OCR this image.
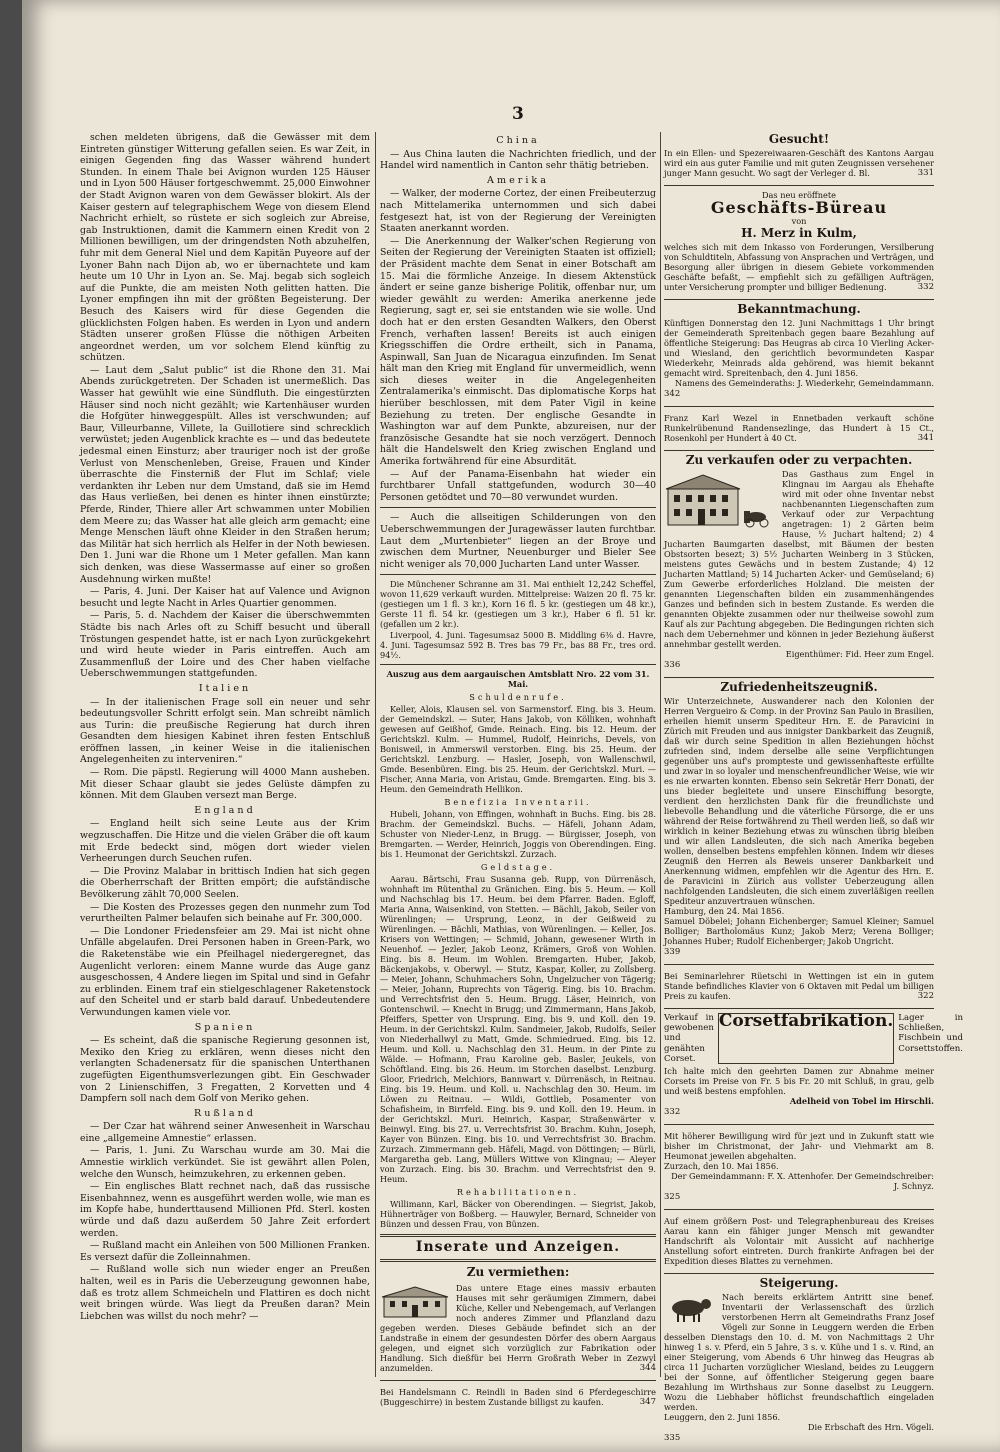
3

schen meldeten übrigens, daß die Gewässer mit dem Eintreten günstiger Witterung gefallen seien. Es war Zeit, in einigen Gegenden fing das Wasser während hundert Stunden. In einem Thale bei Avignon wurden 125 Häuser und in Lyon 500 Häuser fortgeschwemmt. 25,000 Einwohner der Stadt Avignon waren von dem Gewässer blokirt. Als der Kaiser gestern auf telegraphischem Wege von diesem Elend Nachricht erhielt, so rüstete er sich sogleich zur Abreise, gab Instruktionen, damit die Kammern einen Kredit von 2 Millionen bewilligen, um der dringendsten Noth abzuhelfen, fuhr mit dem General Niel und dem Kapitän Puyeore auf der Lyoner Bahn nach Dijon ab, wo er übernachtete und kam heute um 10 Uhr in Lyon an. Se. Maj. begab sich sogleich auf die Punkte, die am meisten Noth gelitten hatten. Die Lyoner empfingen ihn mit der größten Begeisterung. Der Besuch des Kaisers wird für diese Gegenden die glücklichsten Folgen haben. Es werden in Lyon und andern Städten unserer großen Flüsse die nöthigen Arbeiten angeordnet werden, um vor solchem Elend künftig zu schützen.

— Laut dem „Salut public“ ist die Rhone den 31. Mai Abends zurückgetreten. Der Schaden ist unermeßlich. Das Wasser hat gewühlt wie eine Sündfluth. Die eingestürzten Häuser sind noch nicht gezählt; wie Kartenhäuser wurden die Hofgüter hinweggespült. Alles ist verschwunden; auf Baur, Villeurbanne, Villete, la Guillotiere sind schrecklich verwüstet; jeden Augenblick krachte es — und das bedeutete jedesmal einen Einsturz; aber trauriger noch ist der große Verlust von Menschenleben, Greise, Frauen und Kinder überraschte die Finsterniß der Flut im Schlaf; viele verdankten ihr Leben nur dem Umstand, daß sie im Hemd das Haus verließen, bei denen es hinter ihnen einstürzte; Pferde, Rinder, Thiere aller Art schwammen unter Mobilien dem Meere zu; das Wasser hat alle gleich arm gemacht; eine Menge Menschen läuft ohne Kleider in den Straßen herum; das Militär hat sich herrlich als Helfer in der Noth bewiesen. Den 1. Juni war die Rhone um 1 Meter gefallen. Man kann sich denken, was diese Wassermasse auf einer so großen Ausdehnung wirken mußte!

— Paris, 4. Juni. Der Kaiser hat auf Valence und Avignon besucht und legte Nacht in Arles Quartier genommen.

— Paris, 5. d. Nachdem der Kaiser die überschwemmten Städte bis nach Arles oft zu Schiff besucht und überall Tröstungen gespendet hatte, ist er nach Lyon zurückgekehrt und wird heute wieder in Paris eintreffen. Auch am Zusammenfluß der Loire und des Cher haben vielfache Ueberschwemmungen stattgefunden.

Italien

— In der italienischen Frage soll ein neuer und sehr bedeutungsvoller Schritt erfolgt sein. Man schreibt nämlich aus Turin: die preußische Regierung hat durch ihren Gesandten dem hiesigen Kabinet ihren festen Entschluß eröffnen lassen, „in keiner Weise in die italienischen Angelegenheiten zu interveniren.“

— Rom. Die päpstl. Regierung will 4000 Mann ausheben. Mit dieser Schaar glaubt sie jedes Gelüste dämpfen zu können. Mit dem Glauben versezt man Berge.

England

— England heilt sich seine Leute aus der Krim wegzuschaffen. Die Hitze und die vielen Gräber die oft kaum mit Erde bedeckt sind, mögen dort wieder vielen Verheerungen durch Seuchen rufen.

— Die Provinz Malabar in brittisch Indien hat sich gegen die Oberherrschaft der Britten empört; die aufständische Bevölkerung zählt 70,000 Seelen.

— Die Kosten des Prozesses gegen den nunmehr zum Tod verurtheilten Palmer belaufen sich beinahe auf Fr. 300,000.

— Die Londoner Friedensfeier am 29. Mai ist nicht ohne Unfälle abgelaufen. Drei Personen haben in Green-Park, wo die Raketenstäbe wie ein Pfeilhagel niedergeregnet, das Augenlicht verloren: einem Manne wurde das Auge ganz ausgeschossen, 4 Andere liegen im Spital und sind in Gefahr zu erblinden. Einem traf ein stielgeschlagener Raketenstock auf den Scheitel und er starb bald darauf. Unbedeutendere Verwundungen kamen viele vor.

Spanien

— Es scheint, daß die spanische Regierung gesonnen ist, Mexiko den Krieg zu erklären, wenn dieses nicht den verlangten Schadenersatz für die spanischen Unterthanen zugefügten Eigenthumsverlezungen gibt. Ein Geschwader von 2 Linienschiffen, 3 Fregatten, 2 Korvetten und 4 Dampfern soll nach dem Golf von Meriko gehen.

Rußland

— Der Czar hat während seiner Anwesenheit in Warschau eine „allgemeine Amnestie“ erlassen.

— Paris, 1. Juni. Zu Warschau wurde am 30. Mai die Amnestie wirklich verkündet. Sie ist gewährt allen Polen, welche den Wunsch, heimzukehren, zu erkennen geben.

— Ein englisches Blatt rechnet nach, daß das russische Eisenbahnnez, wenn es ausgeführt werden wolle, wie man es im Kopfe habe, hunderttausend Millionen Pfd. Sterl. kosten würde und daß dazu außerdem 50 Jahre Zeit erfordert werden.

— Rußland macht ein Anleihen von 500 Millionen Franken. Es versezt dafür die Zolleinnahmen.

— Rußland wolle sich nun wieder enger an Preußen halten, weil es in Paris die Ueberzeugung gewonnen habe, daß es trotz allem Schmeicheln und Flattiren es doch nicht weit bringen würde. Was liegt da Preußen daran? Mein Liebchen was willst du noch mehr? —

China

— Aus China lauten die Nachrichten friedlich, und der Handel wird namentlich in Canton sehr thätig betrieben.

Amerika

— Walker, der moderne Cortez, der einen Freibeuterzug nach Mittelamerika unternommen und sich dabei festgesezt hat, ist von der Regierung der Vereinigten Staaten anerkannt worden.

— Die Anerkennung der Walker'schen Regierung von Seiten der Regierung der Vereinigten Staaten ist offiziell; der Präsident machte dem Senat in einer Botschaft am 15. Mai die förmliche Anzeige. In diesem Aktenstück ändert er seine ganze bisherige Politik, offenbar nur, um wieder gewählt zu werden: Amerika anerkenne jede Regierung, sagt er, sei sie entstanden wie sie wolle. Und doch hat er den ersten Gesandten Walkers, den Oberst French, verhaften lassen! Bereits ist auch einigen Kriegsschiffen die Ordre ertheilt, sich in Panama, Aspinwall, San Juan de Nicaragua einzufinden. Im Senat hält man den Krieg mit England für unvermeidlich, wenn sich dieses weiter in die Angelegenheiten Zentralamerika's einmischt. Das diplomatische Korps hat hierüber beschlossen, mit dem Pater Vigil in keine Beziehung zu treten. Der englische Gesandte in Washington war auf dem Punkte, abzureisen, nur der französische Gesandte hat sie noch verzögert. Dennoch hält die Handelswelt den Krieg zwischen England und Amerika fortwährend für eine Absurdität.

— Auf der Panama-Eisenbahn hat wieder ein furchtbarer Unfall stattgefunden, wodurch 30—40 Personen getödtet und 70—80 verwundet wurden.

— Auch die allseitigen Schilderungen von den Ueberschwemmungen der Juragewässer lauten furchtbar. Laut dem „Murtenbieter“ liegen an der Broye und zwischen dem Murtner, Neuenburger und Bieler See nicht weniger als 70,000 Jucharten Land unter Wasser.

Die Münchener Schranne am 31. Mai enthielt 12,242 Scheffel, wovon 11,629 verkauft wurden. Mittelpreise: Waizen 20 fl. 75 kr. (gestiegen um 1 fl. 3 kr.), Korn 16 fl. 5 kr. (gestiegen um 48 kr.), Gerste 11 fl. 54 kr. (gestiegen um 3 kr.), Haber 6 fl. 51 kr. (gefallen um 2 kr.).

Liverpool, 4. Juni. Tagesumsaz 5000 B. Middling 6⅜ d. Havre, 4. Juni. Tagesumsaz 592 B. Tres bas 79 Fr., bas 88 Fr., tres ord. 94½.

Auszug aus dem aargauischen Amtsblatt Nro. 22 vom 31. Mai.
Schuldenrufe.

Keller, Alois, Klausen sel. von Sarmenstorf. Eing. bis 3. Heum. der Gemeindskzl. — Suter, Hans Jakob, von Kölliken, wohnhaft gewesen auf Geißhof, Gmde. Reinach. Eing. bis 12. Heum. der Gerichtskzl. Kulm. — Hummel, Rudolf, Heinrichs, Devels, von Bonisweil, in Ammerswil verstorben. Eing. bis 25. Heum. der Gerichtskzl. Lenzburg. — Hasler, Joseph, von Wallenschwil, Gmde. Besenbüren. Eing. bis 25. Heum. der Gerichtskzl. Muri. — Fischer, Anna Maria, von Aristau, Gmde. Bremgarten. Eing. bis 3. Heum. den Gemeindrath Hellikon.

Benefizia Inventarii.

Hubeli, Johann, von Effingen, wohnhaft in Buchs. Eing. bis 28. Brachm. der Gemeindskzl. Buchs. — Häfeli, Johann Adam, Schuster von Nieder-Lenz, in Brugg. — Bürgisser, Joseph, von Bremgarten. — Werder, Heinrich, Joggis von Oberendingen. Eing. bis 1. Heumonat der Gerichtskzl. Zurzach.

Geldstage.

Aarau. Bärtschi, Frau Susanna geb. Rupp, von Dürrenäsch, wohnhaft im Rütenthal zu Gränichen. Eing. bis 5. Heum. — Koll und Nachschlag bis 17. Heum. bei dem Pfarrer. Baden. Egloff, Maria Anna, Waisenkind, von Stetten. — Bächli, Jakob, Seiler von Würenlingen; — Ursprung, Leonz, in der Geißweid zu Würenlingen. — Bächli, Mathias, von Würenlingen. — Keller, Jos. Krisers von Wettingen; — Schmid, Johann, gewesener Wirth in Neuenhof. — Jezler, Jakob Leonz, Krämers, Groß von Wohlen. Eing. bis 8. Heum. im Wohlen. Bremgarten. Huber, Jakob, Bäckenjakobs, v. Oberwyl. — Stutz, Kaspar, Koller, zu Zollsberg. — Meier, Johann, Schuhmachers Sohn, Ungelzucher von Tägerig; — Meier, Johann, Ruprechts von Tägerig. Eing. bis 10. Brachm. und Verrechtsfrist den 5. Heum. Brugg. Läser, Heinrich, von Gontenschwil. — Knecht in Brugg; und Zimmermann, Hans Jakob, Pfeiffers, Spetter von Ursprung. Eing. bis 9. und Koll. den 19. Heum. in der Gerichtskzl. Kulm. Sandmeier, Jakob, Rudolfs, Seiler von Niederhallwyl zu Matt, Gmde. Schmiedrued. Eing. bis 12. Heum. und Koll. u. Nachschlag den 31. Heum. in der Pinte zu Wälde. — Hofmann, Frau Karoline geb. Basler, Jeukels, von Schöftland. Eing. bis 26. Heum. im Storchen daselbst. Lenzburg. Gloor, Friedrich, Melchiors, Bannwart v. Dürrenäsch, in Reitnau. Eing. bis 19. Heum. und Koll. u. Nachschlag den 30. Heum. im Löwen zu Reitnau. — Wildi, Gottlieb, Posamenter von Schafisheim, in Birrfeld. Eing. bis 9. und Koll. den 19. Heum. in der Gerichtskzl. Muri. Heinrich, Kaspar, Straßenwärter v. Beinwyl. Eing. bis 27. u. Verrechtsfrist 30. Brachm. Kuhn, Joseph, Kayer von Bünzen. Eing. bis 10. und Verrechtsfrist 30. Brachm. Zurzach. Zimmermann geb. Häfeli, Magd. von Döttingen; — Bürli, Margaretha geb. Lang, Müllers Wittwe von Klingnau; — Aleyer von Zurzach. Eing. bis 30. Brachm. und Verrechtsfrist den 9. Heum.

Rehabilitationen.

Willimann, Karl, Bäcker von Oberendingen. — Siegrist, Jakob, Hühnerträger von Boßberg. — Hauwyler, Bernard, Schneider von Bünzen und dessen Frau, von Bünzen.

Inserate und Anzeigen.
Zu vermiethen:
Das untere Etage eines massiv erbauten Hauses mit sehr geräumigen Zimmern, dabei Küche, Keller und Nebengemach, auf Verlangen noch anderes Zimmer und Pflanzland dazu gegeben werden. Dieses Gebäude befindet sich an der Landstraße in einem der gesundesten Dörfer des obern Aargaus gelegen, und eignet sich vorzüglich zur Fabrikation oder Handlung. Sich dießfür bei Herrn Großrath Weber in Zezwyl anzumelden.	344
Bei Handelsmann C. Reindli in Baden sind 6 Pferdegeschirre (Buggeschirre) in bestem Zustande billigst zu kaufen.	347
Gesucht!
In ein Ellen- und Spezereiwaaren-Geschäft des Kantons Aargau wird ein aus guter Familie und mit guten Zeugnissen versehener junger Mann gesucht. Wo sagt der Verleger d. Bl.	331
Das neu eröffnete
Geschäfts-Büreau
von
H. Merz in Kulm,
welches sich mit dem Inkasso von Forderungen, Versilberung von Schuldtiteln, Abfassung von Ansprachen und Verträgen, und Besorgung aller übrigen in diesem Gebiete vorkommenden Geschäfte befaßt, — empfiehlt sich zu gefälligen Aufträgen, unter Versicherung prompter und billiger Bedienung.	332
Bekanntmachung.
Künftigen Donnerstag den 12. Juni Nachmittags 1 Uhr bringt der Gemeinderath Spreitenbach gegen baare Bezahlung auf öffentliche Steigerung: Das Heugras ab circa 10 Vierling Acker- und Wiesland, den gerichtlich bevormundeten Kaspar Wiederkehr, Meinrads alda gehörend, was hiemit bekannt gemacht wird. Spreitenbach, den 4. Juni 1856.
Namens des Gemeinderaths: J. Wiederkehr, Gemeindammann.
342
Franz Karl Wezel in Ennetbaden verkauft schöne Runkelrübenund Randensezlinge, das Hundert à 15 Ct., Rosenkohl per Hundert à 40 Ct.	341
Zu verkaufen oder zu verpachten.
Das Gasthaus zum Engel in Klingnau im Aargau als Ehehafte wird mit oder ohne Inventar nebst nachbenannten Liegenschaften zum Verkauf oder zur Verpachtung angetragen: 1) 2 Gärten beim Hause, ½ Juchart haltend; 2) 4 Jucharten Baumgarten daselbst, mit Bäumen der besten Obstsorten besezt; 3) 5½ Jucharten Weinberg in 3 Stücken, meistens gutes Gewächs und in bestem Zustande; 4) 12 Jucharten Mattland; 5) 14 Jucharten Acker- und Gemüseland; 6) Zum Gewerbe erforderliches Holzland. Die meisten der genannten Liegenschaften bilden ein zusammenhängendes Ganzes und befinden sich in bestem Zustande. Es werden die genannten Objekte zusammen oder nur theilweise sowohl zum Kauf als zur Pachtung abgegeben. Die Bedingungen richten sich nach dem Uebernehmer und können in jeder Beziehung äußerst annehmbar gestellt werden.
Eigenthümer: Fid. Heer zum Engel.
336
Zufriedenheitszeugniß.
Wir Unterzeichnete, Auswanderer nach den Kolonien der Herren Vergueiro & Comp. in der Provinz San Paulo in Brasilien, erheilen hiemit unserm Spediteur Hrn. E. de Paravicini in Zürich mit Freuden und aus innigster Dankbarkeit das Zeugniß, daß wir durch seine Spedition in allen Beziehungen höchst zufrieden sind, indem derselbe alle seine Verpflichtungen gegenüber uns auf's prompteste und gewissenhafteste erfüllte und zwar in so loyaler und menschenfreundlicher Weise, wie wir es nie erwarten konnten. Ebenso sein Sekretär Herr Donati, der uns bieder begleitete und unsere Einschiffung besorgte, verdient den herzlichsten Dank für die freundlichste und liebevolle Behandlung und die väterliche Fürsorge, die er uns während der Reise fortwährend zu Theil werden ließ, so daß wir wirklich in keiner Beziehung etwas zu wünschen übrig bleiben und wir allen Landsleuten, die sich nach Amerika begeben wollen, denselben bestens empfehlen können. Indem wir dieses Zeugniß den Herren als Beweis unserer Dankbarkeit und Anerkennung widmen, empfehlen wir die Agentur des Hrn. E. de Paravicini in Zürich aus vollster Ueberzeugung allen nachfolgenden Landsleuten, die sich einem zuverläßigen reellen Spediteur anzuvertrauen wünschen.
Hamburg, den 24. Mai 1856.
Samuel Döbelei; Johann Eichenberger; Samuel Kleiner; Samuel Bolliger; Bartholomäus Kunz; Jakob Merz; Verena Bolliger; Johannes Huber; Rudolf Eichenberger; Jakob Ungricht.
339
Bei Seminarlehrer Rüetschi in Wettingen ist ein in gutem Stande befindliches Klavier von 6 Oktaven mit Pedal um billigen Preis zu kaufen.	322
Verkauf in gewobenen und genähten Corset.
Corsetfabrikation. Lager in Schließen, Fischbein und Corsettstoffen.
Ich halte mich den geehrten Damen zur Abnahme meiner Corsets im Preise von Fr. 5 bis Fr. 20 mit Schluß, in grau, gelb und weiß bestens empfohlen.
Adelheid von Tobel im Hirschli.
332
Mit höherer Bewilligung wird für jezt und in Zukunft statt wie bisher im Christmonat, der Jahr- und Viehmarkt am 8. Heumonat jeweilen abgehalten.
Zurzach, den 10. Mai 1856.
Der Gemeindammann: F. X. Attenhofer. Der Gemeindschreiber: J. Schnyz.
325
Auf einem größern Post- und Telegraphenbureau des Kreises Aarau kann ein fähiger junger Mensch mit gewandter Handschrift als Volontair mit Aussicht auf nachherige Anstellung sofort eintreten. Durch frankirte Anfragen bei der Expedition dieses Blattes zu vernehmen.
Steigerung.
Nach bereits erklärtem Antritt sine benef. Inventarii der Verlassenschaft des ürzlich verstorbenen Herrn alt Gemeindraths Franz Josef Vögeli zur Sonne in Leuggern werden die Erben desselben Dienstags den 10. d. M. von Nachmittags 2 Uhr hinweg 1 s. v. Pferd, ein 5 Jahre, 3 s. v. Kühe und 1 s. v. Rind, an einer Steigerung, vom Abends 6 Uhr hinweg das Heugras ab circa 11 Jucharten vorzüglicher Wiesland, beides zu Leuggern bei der Sonne, auf öffentlicher Steigerung gegen baare Bezahlung im Wirthshaus zur Sonne daselbst zu Leuggern. Wozu die Liebhaber höflichst freundschaftlich eingeladen werden.
Leuggern, den 2. Juni 1856.
Die Erbschaft des Hrn. Vögeli.
335
